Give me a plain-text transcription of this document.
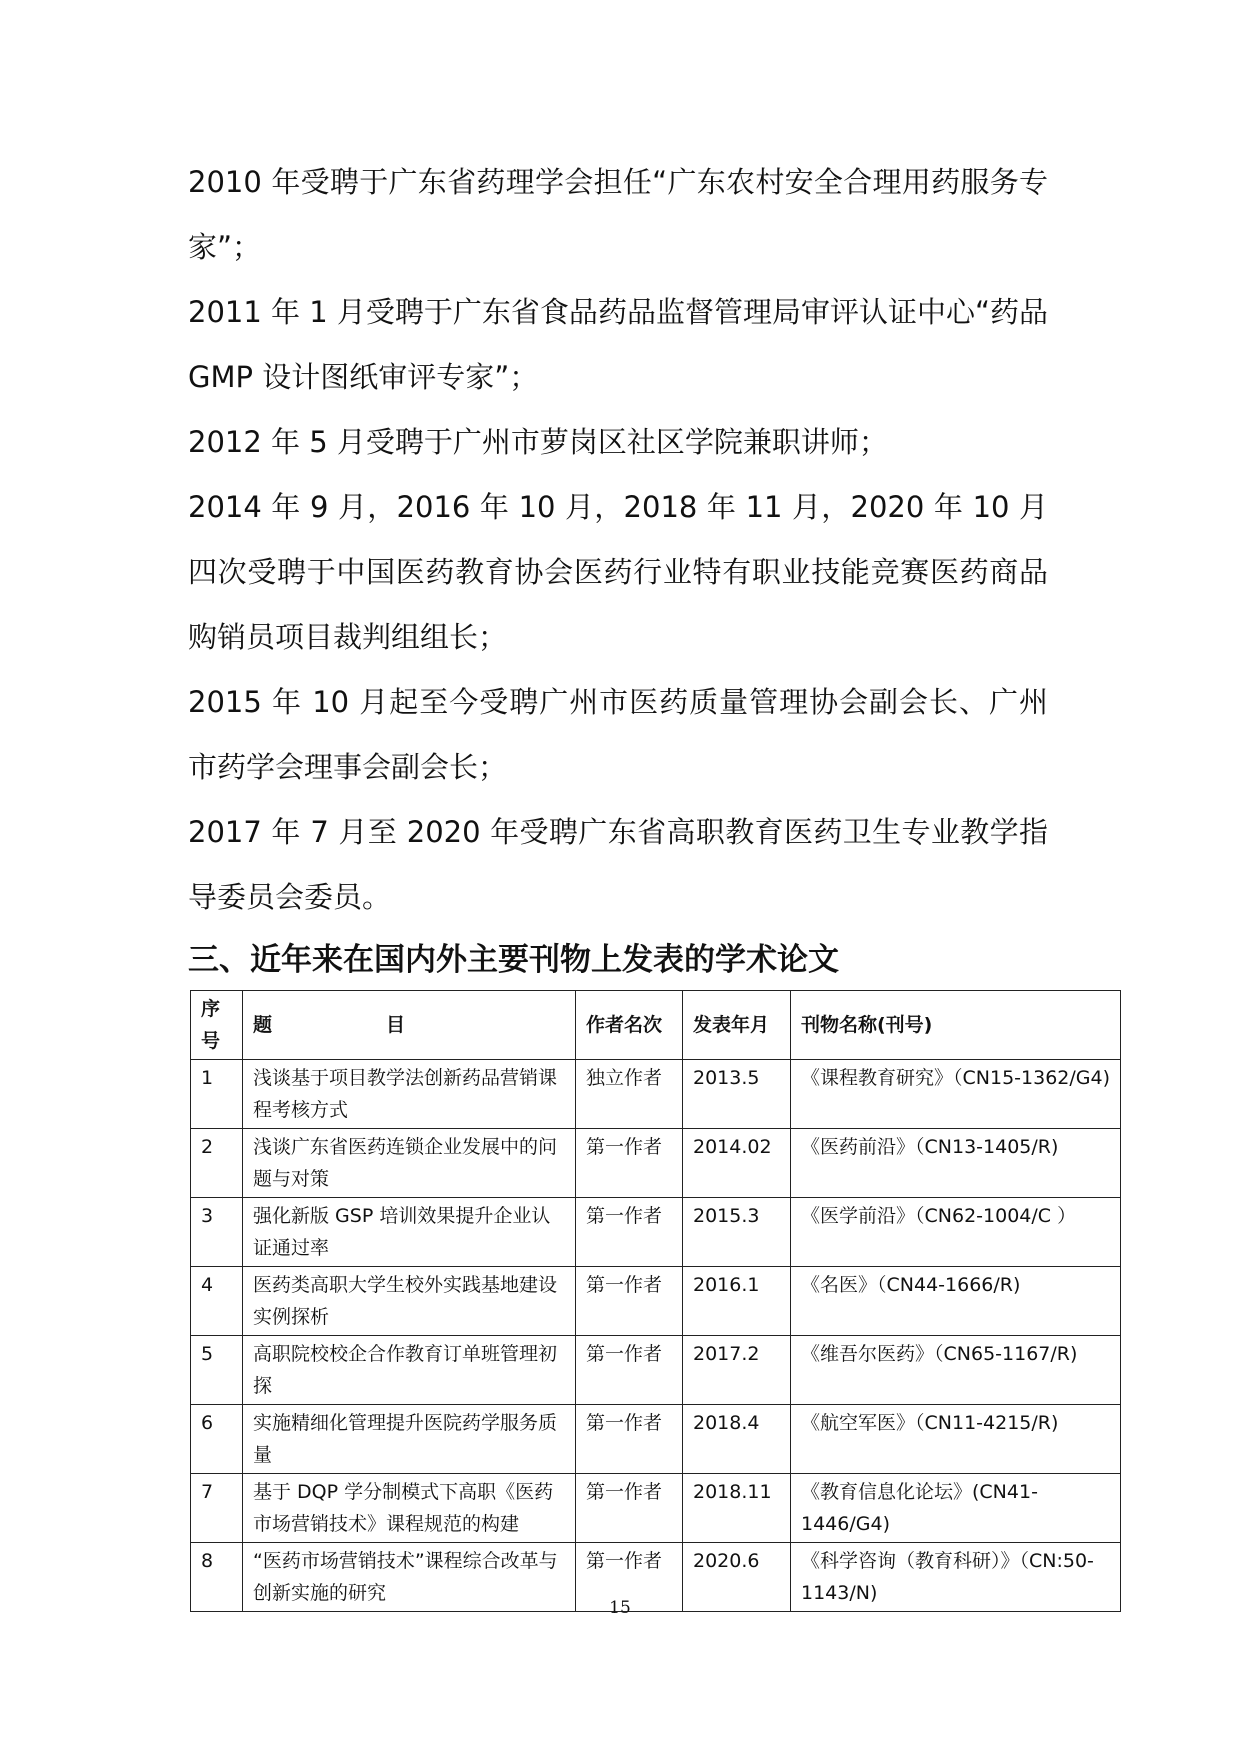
2010 年受聘于广东省药理学会担任“广东农村安全合理用药服务专家”；

2011 年 1 月受聘于广东省食品药品监督管理局审评认证中心“药品 GMP 设计图纸审评专家”；

2012 年 5 月受聘于广州市萝岗区社区学院兼职讲师；

2014 年 9 月，2016 年 10 月，2018 年 11 月，2020 年 10 月四次受聘于中国医药教育协会医药行业特有职业技能竞赛医药商品购销员项目裁判组组长；

2015 年 10 月起至今受聘广州市医药质量管理协会副会长、广州市药学会理事会副会长；

2017 年 7 月至 2020 年受聘广东省高职教育医药卫生专业教学指导委员会委员。

三、近年来在国内外主要刊物上发表的学术论文
序号	题　　　　　　目	作者名次	发表年月	刊物名称(刊号)
1	浅谈基于项目教学法创新药品营销课程考核方式	独立作者	2013.5	《课程教育研究》（CN15-1362/G4)
2	浅谈广东省医药连锁企业发展中的问题与对策	第一作者	2014.02	《医药前沿》（CN13-1405/R)
3	强化新版 GSP 培训效果提升企业认证通过率	第一作者	2015.3	《医学前沿》（CN62-1004/C ）
4	医药类高职大学生校外实践基地建设实例探析	第一作者	2016.1	《名医》（CN44-1666/R)
5	高职院校校企合作教育订单班管理初探	第一作者	2017.2	《维吾尔医药》（CN65-1167/R)
6	实施精细化管理提升医院药学服务质量	第一作者	2018.4	《航空军医》（CN11-4215/R)
7	基于 DQP 学分制模式下高职《医药市场营销技术》课程规范的构建	第一作者	2018.11	《教育信息化论坛》(CN41-1446/G4)
8	“医药市场营销技术”课程综合改革与创新实施的研究	第一作者	2020.6	《科学咨询（教育科研）》（CN:50-1143/N)
15
